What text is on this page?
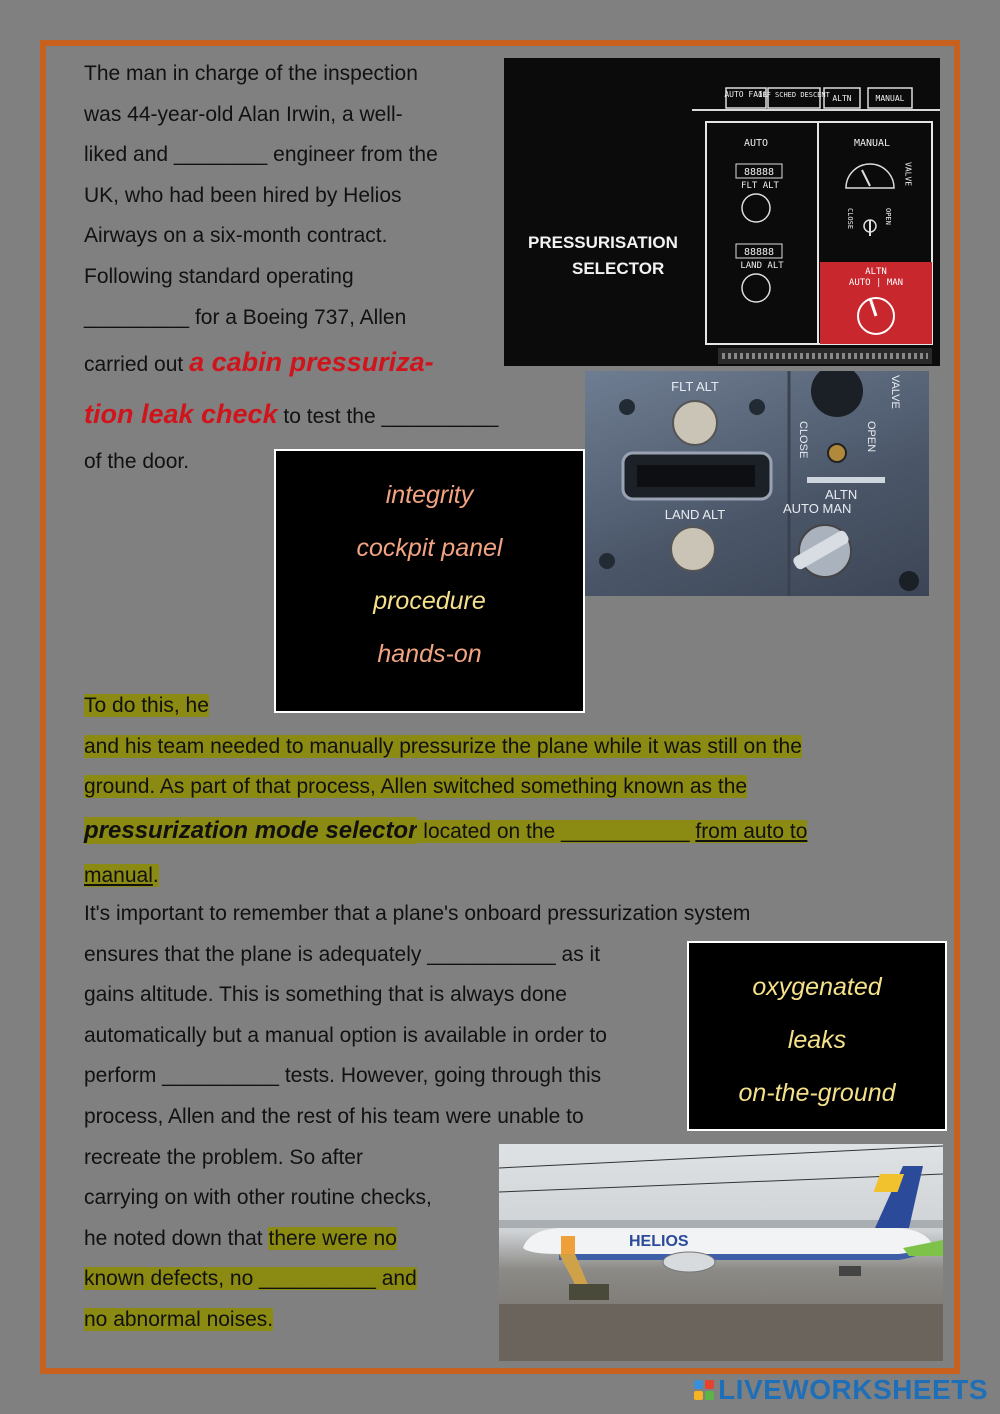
The man in charge of the inspection
was 44-year-old Alan Irwin, a well-
liked and ________ engineer from the
UK, who had been hired by Helios
Airways on a six-month contract.
Following standard operating
_________ for a Boeing 737, Allen
carried out a cabin pressuriza-
tion leak check to test the __________
of the door.
AUTO FAIL
OFF SCHED DESCENT ALTN	MANUAL
PRESSURISATION
SELECTOR
AUTO	MANUAL
88888
FLT ALT
88888
LAND ALT
VALVE
CLOSE	OPEN
ALTN
AUTO | MAN
FLT ALT
LAND ALT
CLOSE	OPEN
VALVE
ALTN
AUTO MAN
integrity
cockpit panel
procedure
hands-on
To do this, he
and his team needed to manually pressurize the plane while it was still on the
ground. As part of that process, Allen switched something known as the
pressurization mode selector located on the ___________ from auto to
manual.
It's important to remember that a plane's onboard pressurization system
ensures that the plane is adequately ___________ as it
gains altitude. This is something that is always done
automatically but a manual option is available in order to
perform __________ tests. However, going through this
process, Allen and the rest of his team were unable to
recreate the problem. So after
carrying on with other routine checks,
he noted down that there were no
known defects, no __________ and
no abnormal noises.
oxygenated
leaks
on-the-ground
HELIOS
LIVEWORKSHEETS
